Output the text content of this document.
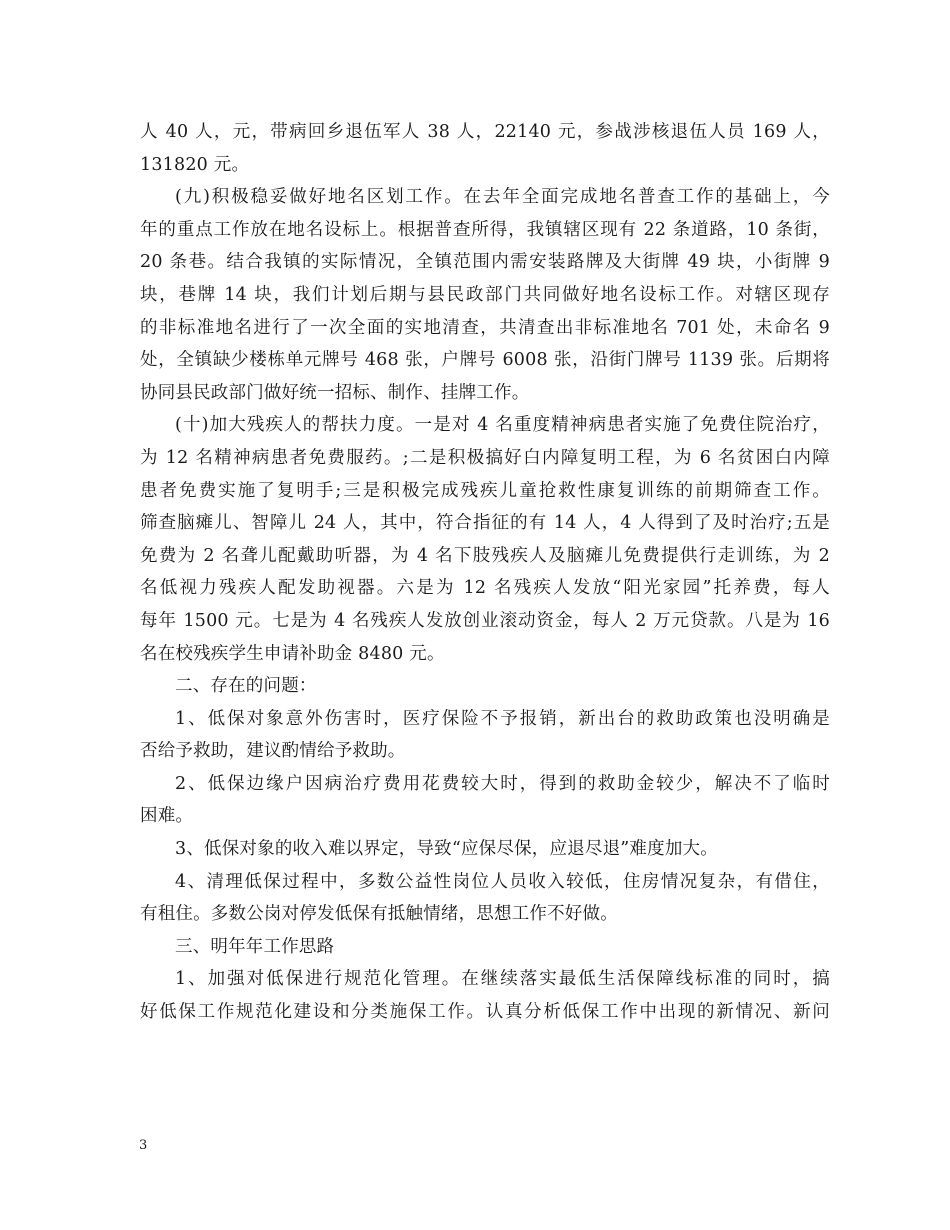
人 40 人，元，带病回乡退伍军人 38 人，22140 元，参战涉核退伍人员 169 人，
131820 元。
(九)积极稳妥做好地名区划工作。在去年全面完成地名普查工作的基础上，今
年的重点工作放在地名设标上。根据普查所得，我镇辖区现有 22 条道路，10 条街，
20 条巷。结合我镇的实际情况，全镇范围内需安装路牌及大街牌 49 块，小街牌 9
块，巷牌 14 块，我们计划后期与县民政部门共同做好地名设标工作。对辖区现存
的非标准地名进行了一次全面的实地清查，共清查出非标准地名 701 处，未命名 9
处，全镇缺少楼栋单元牌号 468 张，户牌号 6008 张，沿街门牌号 1139 张。后期将
协同县民政部门做好统一招标、制作、挂牌工作。
(十)加大残疾人的帮扶力度。一是对 4 名重度精神病患者实施了免费住院治疗，
为 12 名精神病患者免费服药。;二是积极搞好白内障复明工程，为 6 名贫困白内障
患者免费实施了复明手;三是积极完成残疾儿童抢救性康复训练的前期筛查工作。
筛查脑瘫儿、智障儿 24 人，其中，符合指征的有 14 人，4 人得到了及时治疗;五是
免费为 2 名聋儿配戴助听器，为 4 名下肢残疾人及脑瘫儿免费提供行走训练，为 2
名低视力残疾人配发助视器。六是为 12 名残疾人发放“阳光家园”托养费，每人
每年 1500 元。七是为 4 名残疾人发放创业滚动资金，每人 2 万元贷款。八是为 16
名在校残疾学生申请补助金 8480 元。
二、存在的问题：
1、低保对象意外伤害时，医疗保险不予报销，新出台的救助政策也没明确是
否给予救助，建议酌情给予救助。
2、低保边缘户因病治疗费用花费较大时，得到的救助金较少，解决不了临时
困难。
3、低保对象的收入难以界定，导致“应保尽保，应退尽退”难度加大。
4、清理低保过程中，多数公益性岗位人员收入较低，住房情况复杂，有借住，
有租住。多数公岗对停发低保有抵触情绪，思想工作不好做。
三、明年年工作思路
1、加强对低保进行规范化管理。在继续落实最低生活保障线标准的同时，搞
好低保工作规范化建设和分类施保工作。认真分析低保工作中出现的新情况、新问
3
